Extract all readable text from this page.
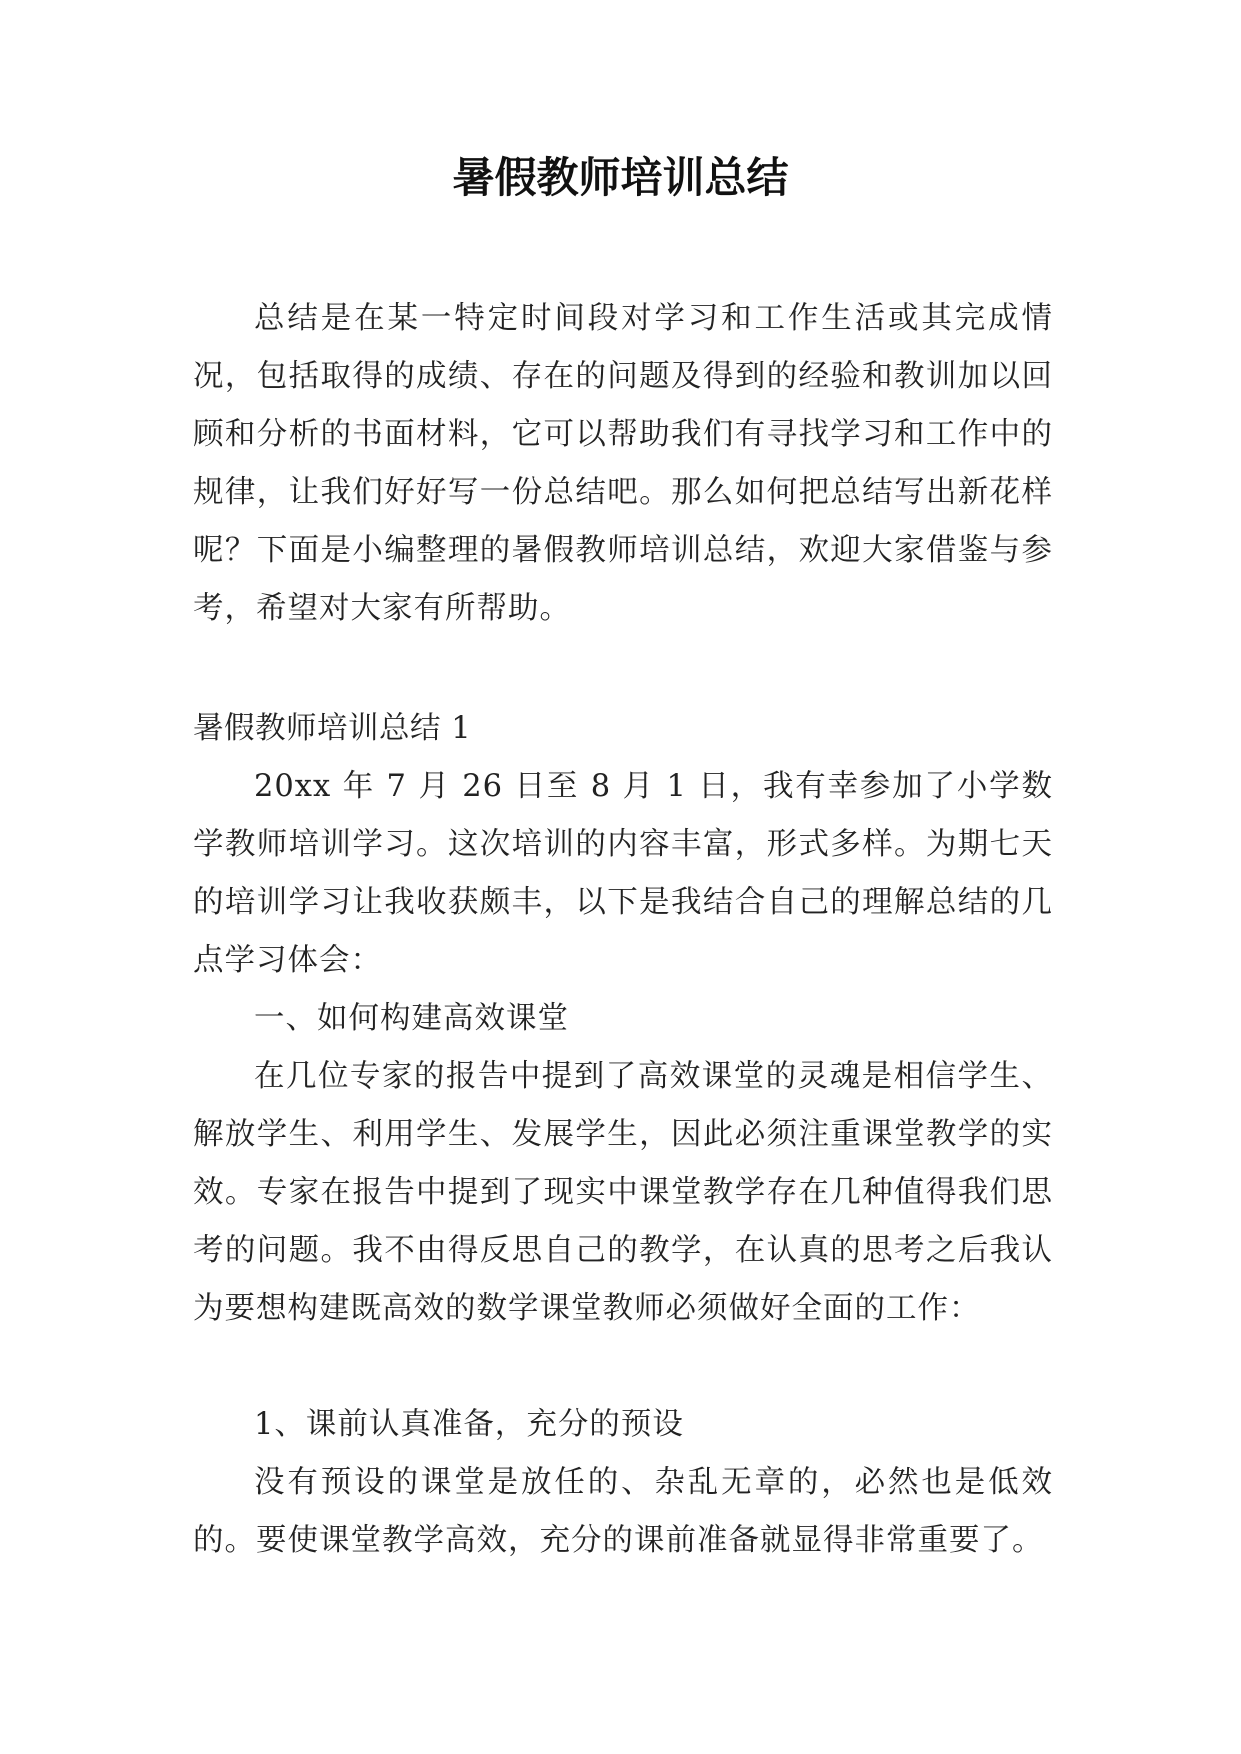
暑假教师培训总结

总结是在某一特定时间段对学习和工作生活或其完成情况，包括取得的成绩、存在的问题及得到的经验和教训加以回顾和分析的书面材料，它可以帮助我们有寻找学习和工作中的规律，让我们好好写一份总结吧。那么如何把总结写出新花样呢？下面是小编整理的暑假教师培训总结，欢迎大家借鉴与参考，希望对大家有所帮助。

暑假教师培训总结 1

20xx 年 7 月 26 日至 8 月 1 日，我有幸参加了小学数学教师培训学习。这次培训的内容丰富，形式多样。为期七天的培训学习让我收获颇丰，以下是我结合自己的理解总结的几点学习体会：

一、如何构建高效课堂

在几位专家的报告中提到了高效课堂的灵魂是相信学生、解放学生、利用学生、发展学生，因此必须注重课堂教学的实效。专家在报告中提到了现实中课堂教学存在几种值得我们思考的问题。我不由得反思自己的教学，在认真的思考之后我认为要想构建既高效的数学课堂教师必须做好全面的工作：

1、课前认真准备，充分的预设

没有预设的课堂是放任的、杂乱无章的，必然也是低效的。要使课堂教学高效，充分的课前准备就显得非常重要了。
